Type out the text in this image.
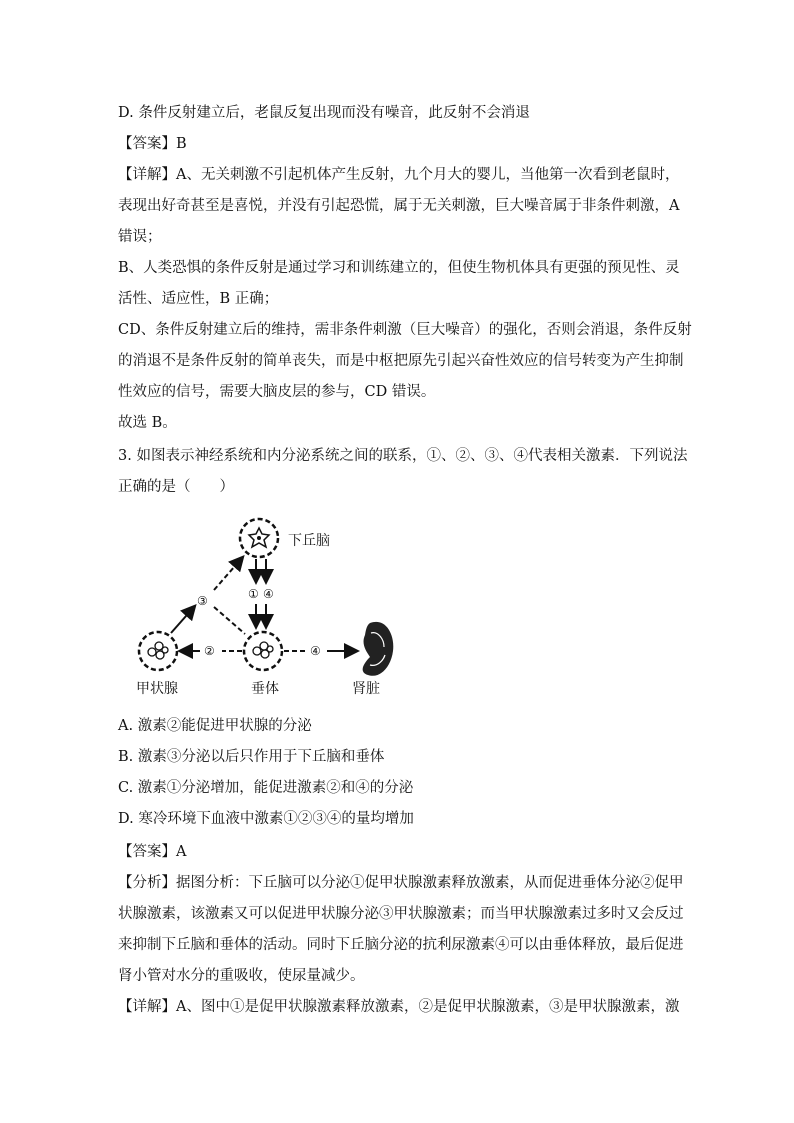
D. 条件反射建立后，老鼠反复出现而没有噪音，此反射不会消退
【答案】B
【详解】A、无关刺激不引起机体产生反射，九个月大的婴儿，当他第一次看到老鼠时，
表现出好奇甚至是喜悦，并没有引起恐慌，属于无关刺激，巨大噪音属于非条件刺激，A
错误；
B、人类恐惧的条件反射是通过学习和训练建立的，但使生物机体具有更强的预见性、灵
活性、适应性，B 正确；
CD、条件反射建立后的维持，需非条件刺激（巨大噪音）的强化，否则会消退，条件反射
的消退不是条件反射的简单丧失，而是中枢把原先引起兴奋性效应的信号转变为产生抑制
性效应的信号，需要大脑皮层的参与，CD 错误。
故选 B。
3. 如图表示神经系统和内分泌系统之间的联系，①、②、③、④代表相关激素．下列说法
正确的是（　　）
下丘脑
垂体
甲状腺	肾脏
① ④
③
②	④
A. 激素②能促进甲状腺的分泌
B. 激素③分泌以后只作用于下丘脑和垂体
C. 激素①分泌增加，能促进激素②和④的分泌
D. 寒冷环境下血液中激素①②③④的量均增加
【答案】A
【分析】据图分析：下丘脑可以分泌①促甲状腺激素释放激素，从而促进垂体分泌②促甲
状腺激素，该激素又可以促进甲状腺分泌③甲状腺激素；而当甲状腺激素过多时又会反过
来抑制下丘脑和垂体的活动。同时下丘脑分泌的抗利尿激素④可以由垂体释放，最后促进
肾小管对水分的重吸收，使尿量减少。
【详解】A、图中①是促甲状腺激素释放激素，②是促甲状腺激素，③是甲状腺激素，激
